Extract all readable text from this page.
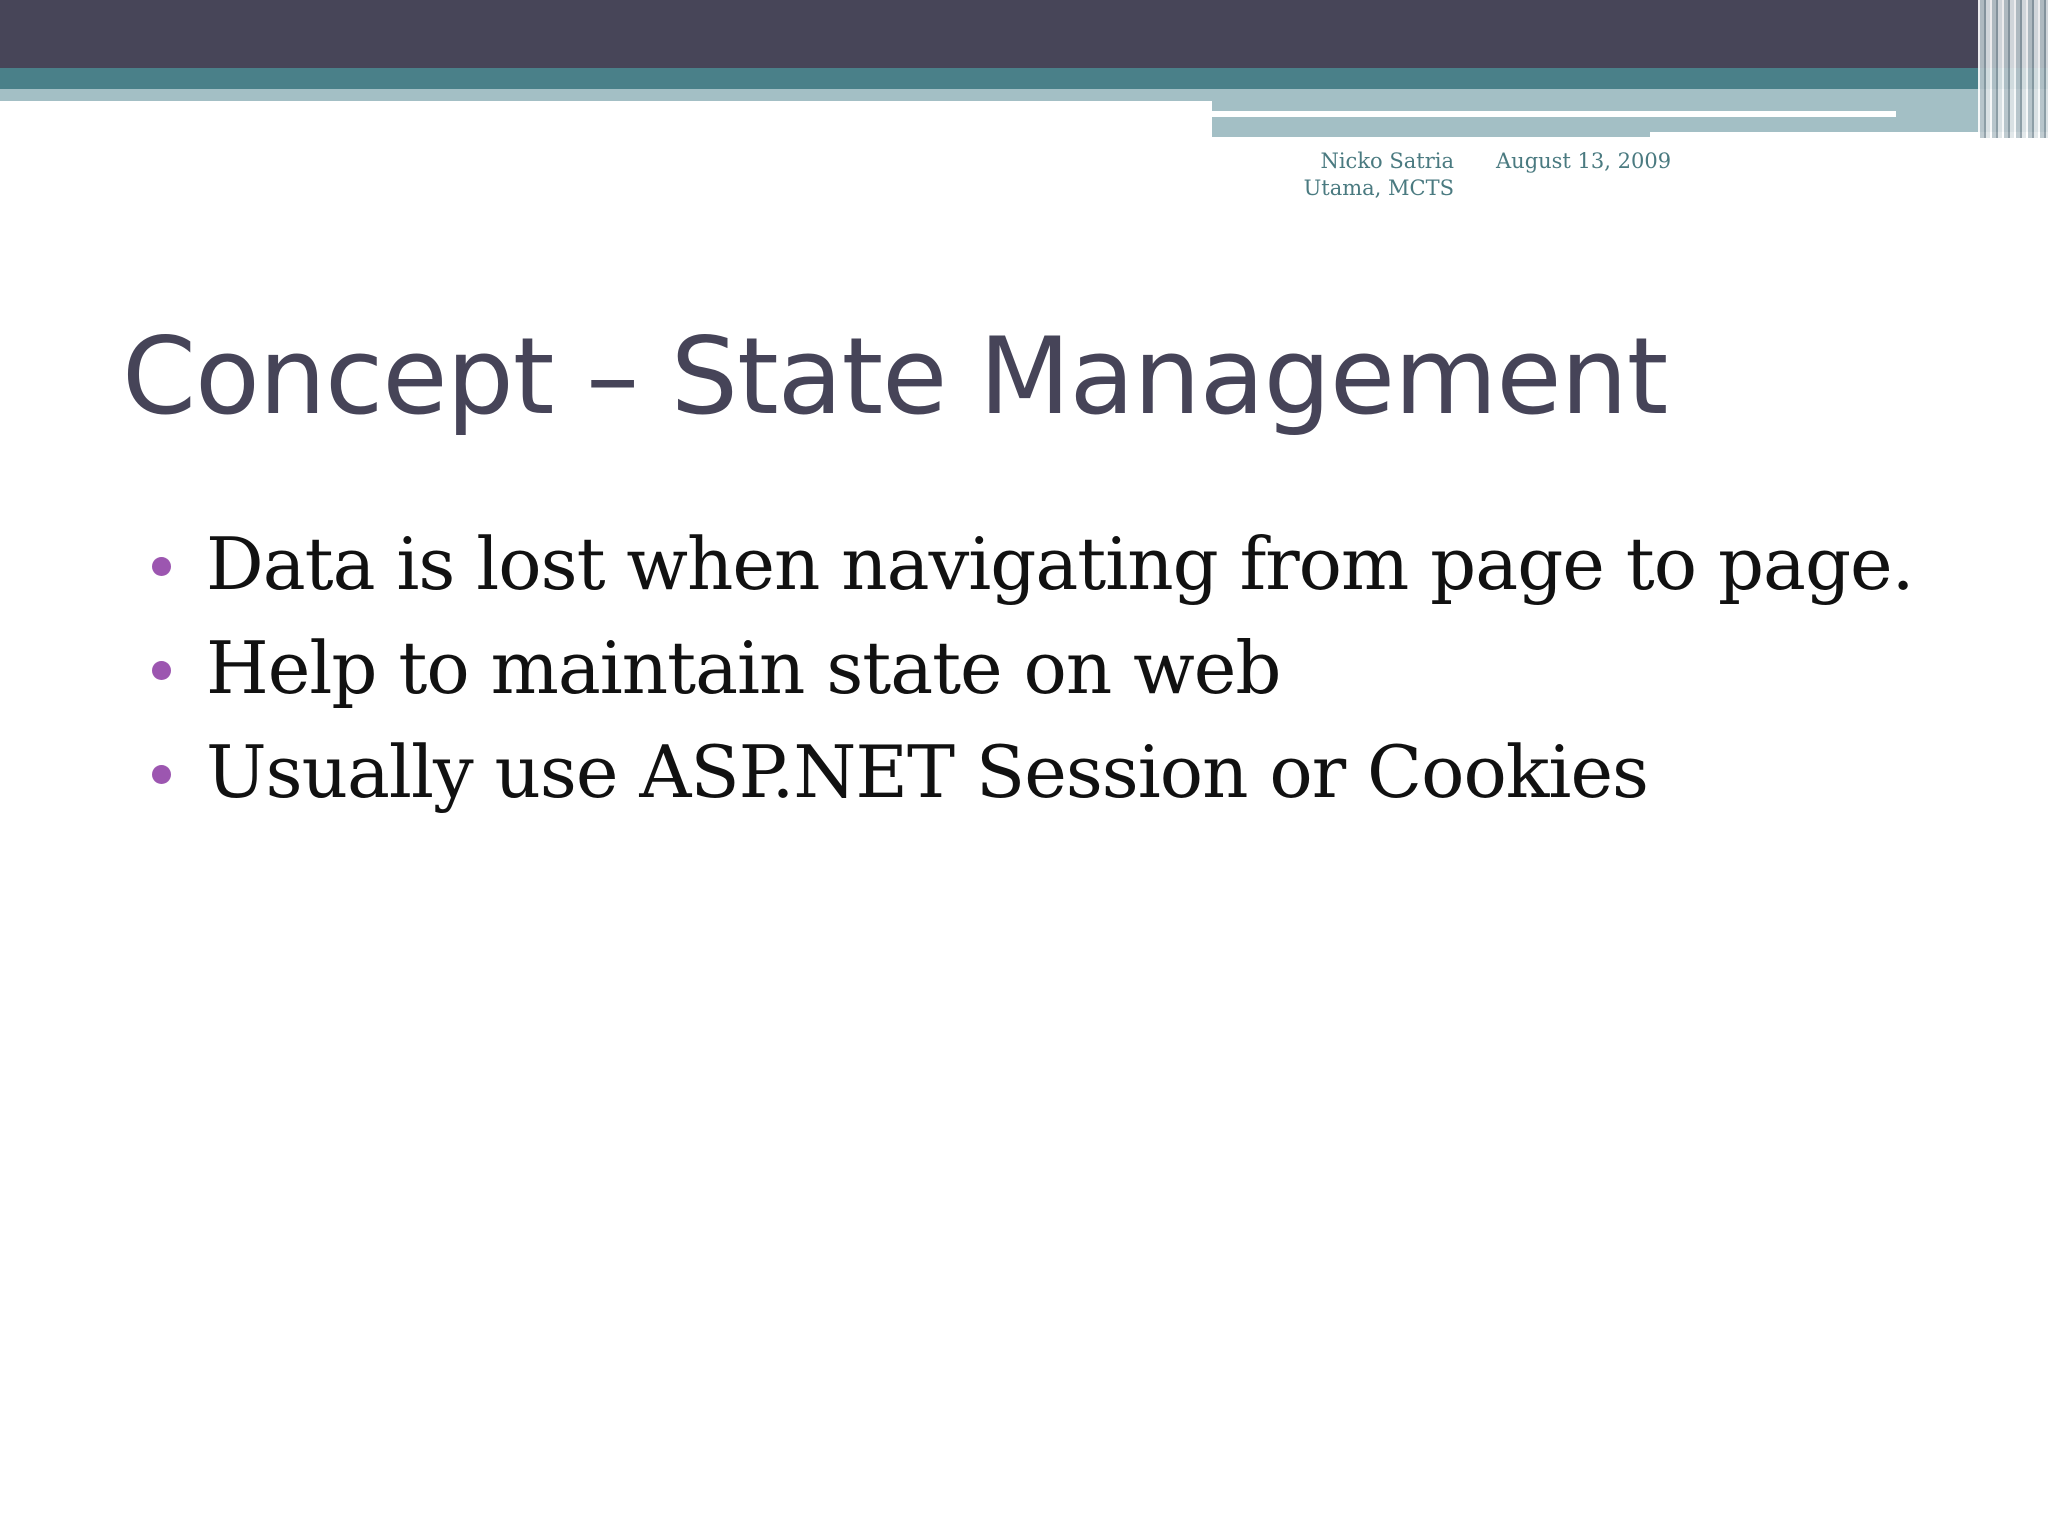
Nicko Satria Utama, MCTS
August 13, 2009
Concept – State Management
Data is lost when navigating from page to page.
Help to maintain state on web
Usually use ASP.NET Session or Cookies
